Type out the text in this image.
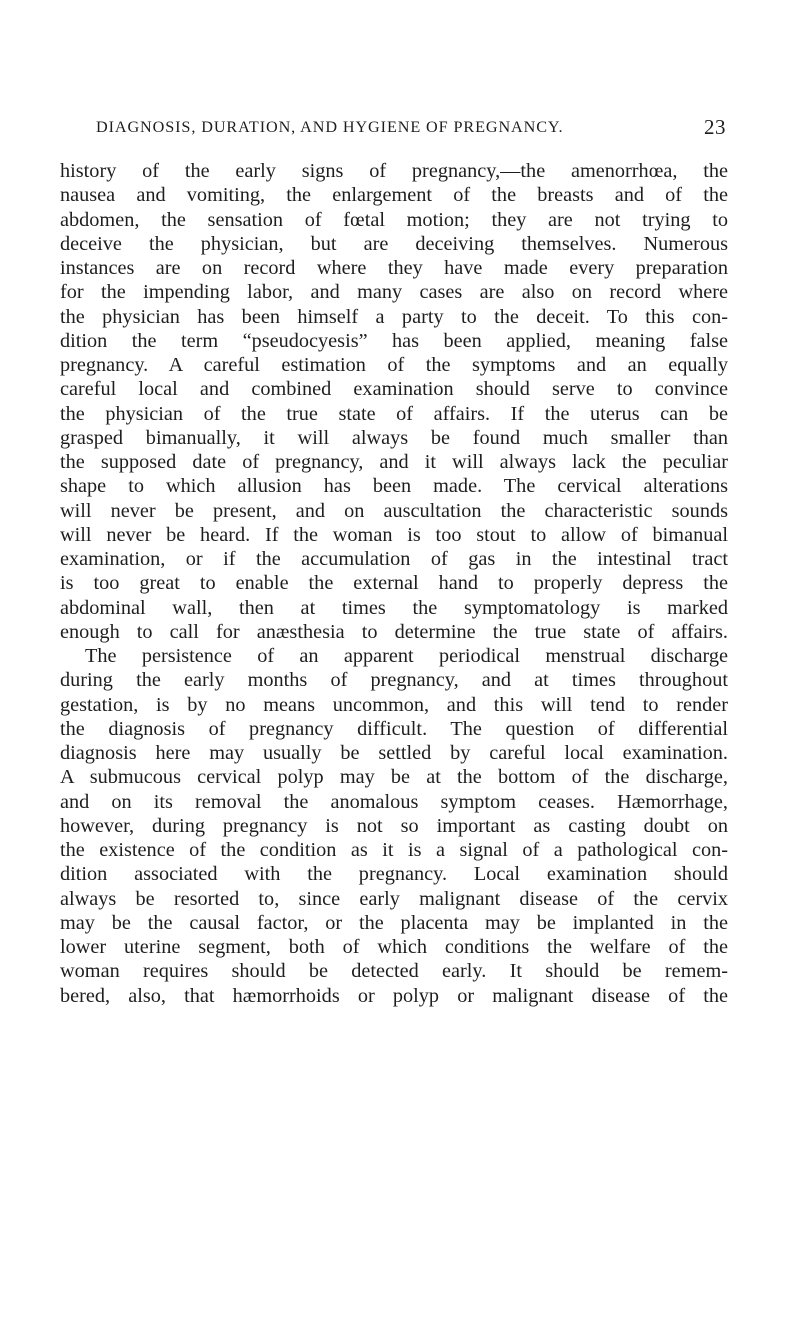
DIAGNOSIS, DURATION, AND HYGIENE OF PREGNANCY.	23
history of the early signs of pregnancy,—the amenorrhœa, the
nausea and vomiting, the enlargement of the breasts and of the
abdomen, the sensation of fœtal motion; they are not trying to
deceive the physician, but are deceiving themselves. Numerous
instances are on record where they have made every preparation
for the impending labor, and many cases are also on record where
the physician has been himself a party to the deceit. To this con-
dition the term “pseudocyesis” has been applied, meaning false
pregnancy. A careful estimation of the symptoms and an equally
careful local and combined examination should serve to convince
the physician of the true state of affairs. If the uterus can be
grasped bimanually, it will always be found much smaller than
the supposed date of pregnancy, and it will always lack the peculiar
shape to which allusion has been made. The cervical alterations
will never be present, and on auscultation the characteristic sounds
will never be heard. If the woman is too stout to allow of bimanual
examination, or if the accumulation of gas in the intestinal tract
is too great to enable the external hand to properly depress the
abdominal wall, then at times the symptomatology is marked
enough to call for anæsthesia to determine the true state of affairs.
The persistence of an apparent periodical menstrual discharge
during the early months of pregnancy, and at times throughout
gestation, is by no means uncommon, and this will tend to render
the diagnosis of pregnancy difficult. The question of differential
diagnosis here may usually be settled by careful local examination.
A submucous cervical polyp may be at the bottom of the discharge,
and on its removal the anomalous symptom ceases. Hæmorrhage,
however, during pregnancy is not so important as casting doubt on
the existence of the condition as it is a signal of a pathological con-
dition associated with the pregnancy. Local examination should
always be resorted to, since early malignant disease of the cervix
may be the causal factor, or the placenta may be implanted in the
lower uterine segment, both of which conditions the welfare of the
woman requires should be detected early. It should be remem-
bered, also, that hæmorrhoids or polyp or malignant disease of the
